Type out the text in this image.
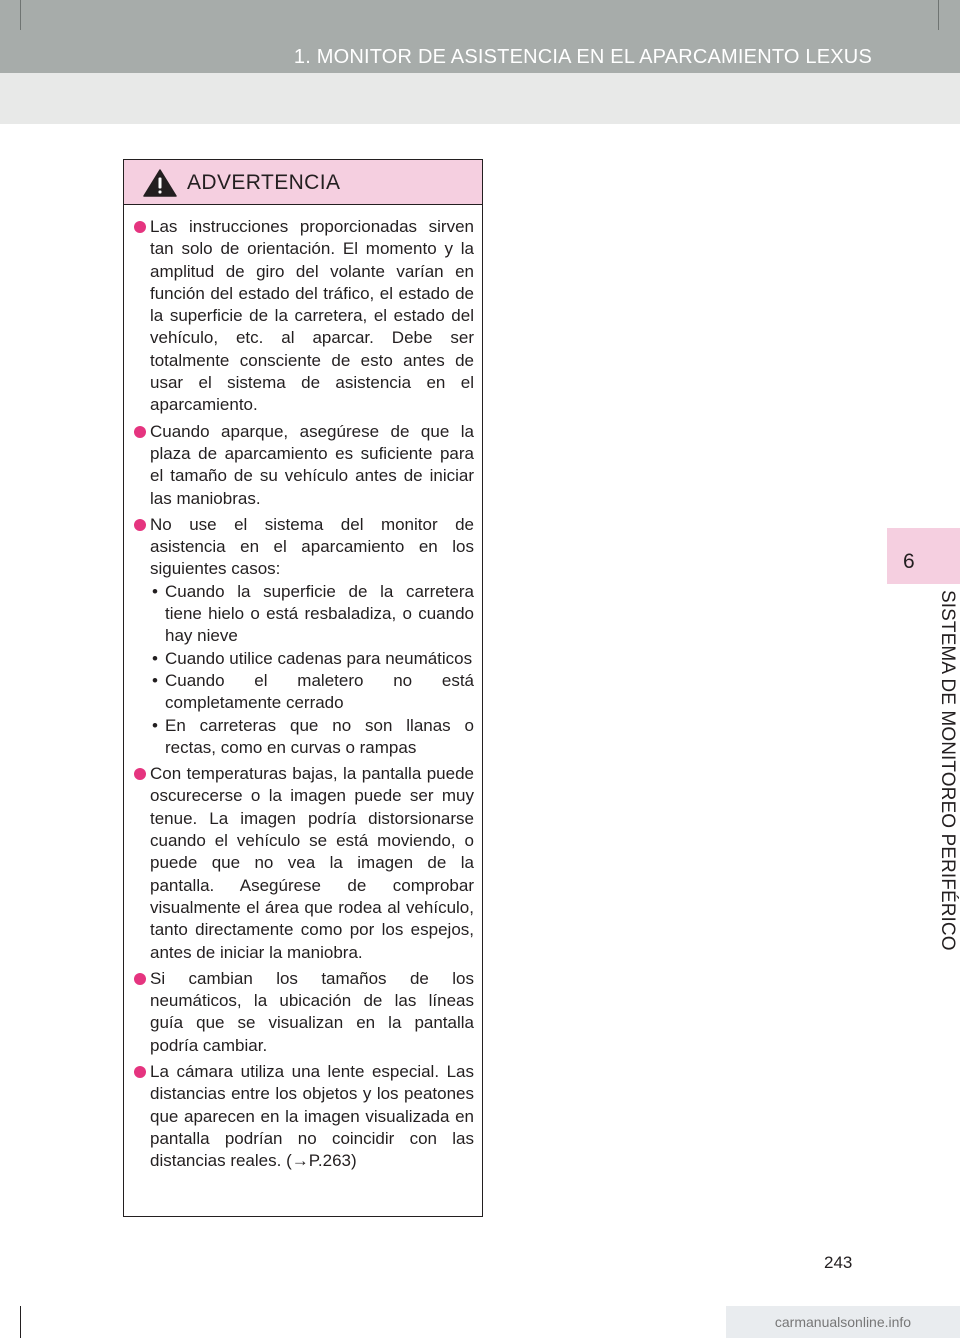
1. MONITOR DE ASISTENCIA EN EL APARCAMIENTO LEXUS
6
SISTEMA DE MONITOREO PERIFÉRICO
ADVERTENCIA
Las instrucciones proporcionadas sirven tan solo de orientación. El momento y la amplitud de giro del volante varían en función del estado del tráfico, el estado de la superficie de la carretera, el estado del vehículo, etc. al aparcar. Debe ser totalmente consciente de esto antes de usar el sistema de asistencia en el aparcamiento.
Cuando aparque, asegúrese de que la plaza de aparcamiento es suficiente para el tamaño de su vehículo antes de iniciar las maniobras.
No use el sistema del monitor de asistencia en el aparcamiento en los siguientes casos:
• Cuando la superficie de la carretera tiene hielo o está resbaladiza, o cuando hay nieve
• Cuando utilice cadenas para neumáticos
• Cuando el maletero no está completamente cerrado
• En carreteras que no son llanas o rectas, como en curvas o rampas
Con temperaturas bajas, la pantalla puede oscurecerse o la imagen puede ser muy tenue. La imagen podría distorsionarse cuando el vehículo se está moviendo, o puede que no vea la imagen de la pantalla. Asegúrese de comprobar visualmente el área que rodea al vehículo, tanto directamente como por los espejos, antes de iniciar la maniobra.
Si cambian los tamaños de los neumáticos, la ubicación de las líneas guía que se visualizan en la pantalla podría cambiar.
La cámara utiliza una lente especial. Las distancias entre los objetos y los peatones que aparecen en la imagen visualizada en pantalla podrían no coincidir con las distancias reales. (→P.263)
243
carmanualsonline.info
